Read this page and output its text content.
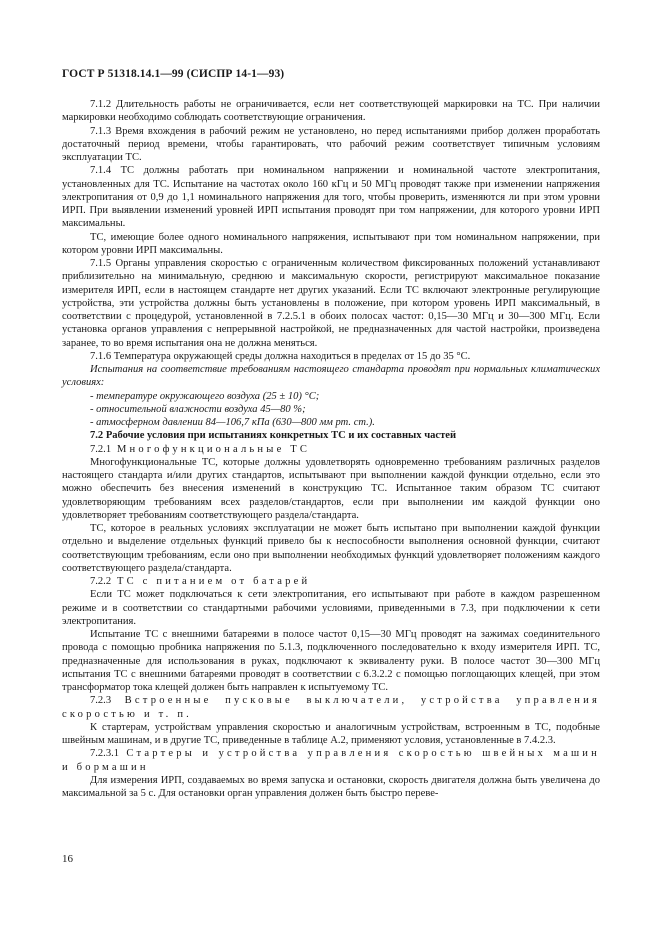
ГОСТ Р 51318.14.1—99 (СИСПР 14-1—93)

7.1.2 Длительность работы не ограничивается, если нет соответствующей маркировки на ТС. При наличии маркировки необходимо соблюдать соответствующие ограничения.

7.1.3 Время вхождения в рабочий режим не установлено, но перед испытаниями прибор должен проработать достаточный период времени, чтобы гарантировать, что рабочий режим соответствует типичным условиям эксплуатации ТС.

7.1.4 ТС должны работать при номинальном напряжении и номинальной частоте электропитания, установленных для ТС. Испытание на частотах около 160 кГц и 50 МГц проводят также при изменении напряжения электропитания от 0,9 до 1,1 номинального напряжения для того, чтобы проверить, изменяются ли при этом уровни ИРП. При выявлении изменений уровней ИРП испытания проводят при том напряжении, для которого уровни ИРП максимальны.

ТС, имеющие более одного номинального напряжения, испытывают при том номинальном напряжении, при котором уровни ИРП максимальны.

7.1.5 Органы управления скоростью с ограниченным количеством фиксированных положений устанавливают приблизительно на минимальную, среднюю и максимальную скорости, регистрируют максимальное показание измерителя ИРП, если в настоящем стандарте нет других указаний. Если ТС включают электронные регулирующие устройства, эти устройства должны быть установлены в положение, при котором уровень ИРП максимальный, в соответствии с процедурой, установленной в 7.2.5.1 в обоих полосах частот: 0,15—30 МГц и 30—300 МГц. Если установка органов управления с непрерывной настройкой, не предназначенных для частой настройки, произведена заранее, то во время испытания она не должна меняться.

7.1.6 Температура окружающей среды должна находиться в пределах от 15 до 35 °С.

Испытания на соответствие требованиям настоящего стандарта проводят при нормальных климатических условиях:

- температуре окружающего воздуха (25 ± 10) °С;

- относительной влажности воздуха 45—80 %;

- атмосферном давлении 84—106,7 кПа (630—800 мм рт. ст.).

7.2 Рабочие условия при испытаниях конкретных ТС и их составных частей

7.2.1 Многофункциональные ТС

Многофункциональные ТС, которые должны удовлетворять одновременно требованиям различных разделов настоящего стандарта и/или других стандартов, испытывают при выполнении каждой функции отдельно, если это можно обеспечить без внесения изменений в конструкцию ТС. Испытанное таким образом ТС считают удовлетворяющим требованиям всех разделов/стандартов, если при выполнении им каждой функции оно удовлетворяет требованиям соответствующего раздела/стандарта.

ТС, которое в реальных условиях эксплуатации не может быть испытано при выполнении каждой функции отдельно и выделение отдельных функций привело бы к неспособности выполнения основной функции, считают соответствующим требованиям, если оно при выполнении необходимых функций удовлетворяет положениям каждого соответствующего раздела/стандарта.

7.2.2 ТС с питанием от батарей

Если ТС может подключаться к сети электропитания, его испытывают при работе в каждом разрешенном режиме и в соответствии со стандартными рабочими условиями, приведенными в 7.3, при подключении к сети электропитания.

Испытание ТС с внешними батареями в полосе частот 0,15—30 МГц проводят на зажимах соединительного провода с помощью пробника напряжения по 5.1.3, подключенного последовательно к входу измерителя ИРП. ТС, предназначенные для использования в руках, подключают к эквиваленту руки. В полосе частот 30—300 МГц испытания ТС с внешними батареями проводят в соответствии с 6.3.2.2 с помощью поглощающих клещей, при этом трансформатор тока клещей должен быть направлен к испытуемому ТС.

7.2.3 Встроенные пусковые выключатели, устройства управления скоростью и т. п.

К стартерам, устройствам управления скоростью и аналогичным устройствам, встроенным в ТС, подобные швейным машинам, и в другие ТС, приведенные в таблице А.2, применяют условия, установленные в 7.4.2.3.

7.2.3.1 Стартеры и устройства управления скоростью швейных машин и бормашин

Для измерения ИРП, создаваемых во время запуска и остановки, скорость двигателя должна быть увеличена до максимальной за 5 с. Для остановки орган управления должен быть быстро переве-

16
